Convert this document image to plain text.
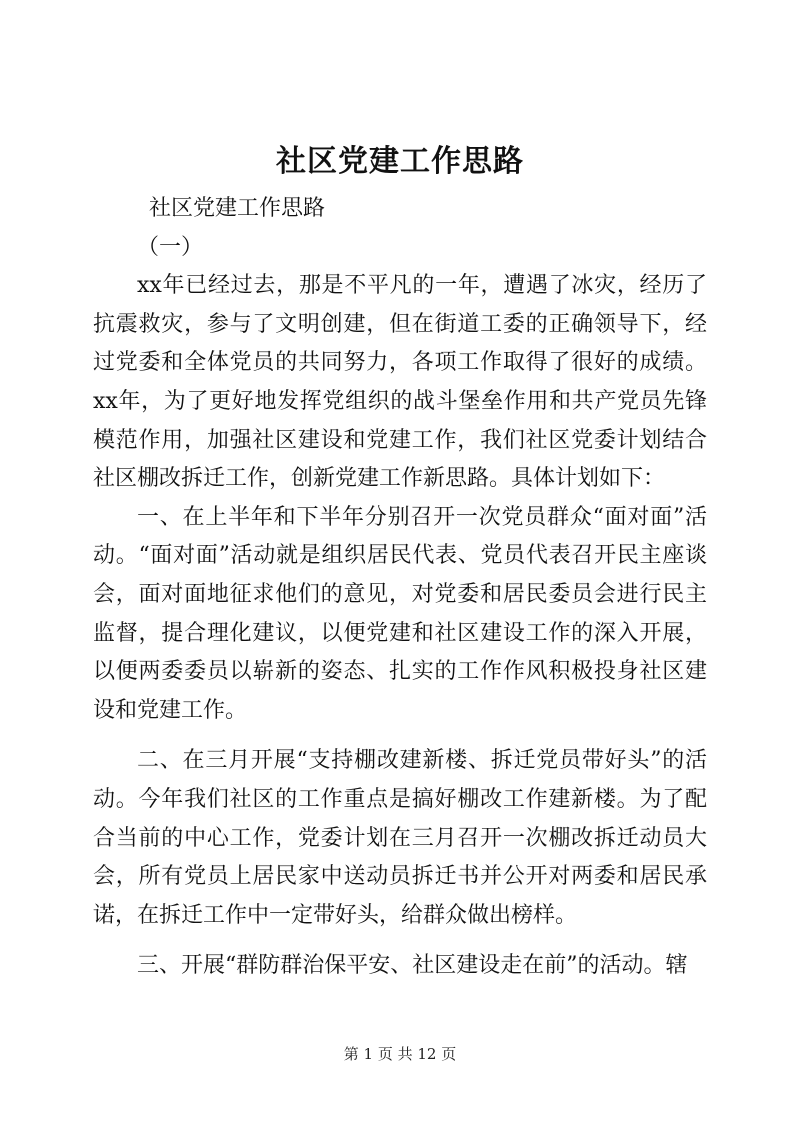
社区党建工作思路

社区党建工作思路

（一）

xx年已经过去，那是不平凡的一年，遭遇了冰灾，经历了抗震救灾，参与了文明创建，但在街道工委的正确领导下，经过党委和全体党员的共同努力，各项工作取得了很好的成绩。xx年，为了更好地发挥党组织的战斗堡垒作用和共产党员先锋模范作用，加强社区建设和党建工作，我们社区党委计划结合社区棚改拆迁工作，创新党建工作新思路。具体计划如下：

一、在上半年和下半年分别召开一次党员群众“面对面”活动。“面对面”活动就是组织居民代表、党员代表召开民主座谈会，面对面地征求他们的意见，对党委和居民委员会进行民主监督，提合理化建议，以便党建和社区建设工作的深入开展，以便两委委员以崭新的姿态、扎实的工作作风积极投身社区建设和党建工作。

二、在三月开展“支持棚改建新楼、拆迁党员带好头”的活动。今年我们社区的工作重点是搞好棚改工作建新楼。为了配合当前的中心工作，党委计划在三月召开一次棚改拆迁动员大会，所有党员上居民家中送动员拆迁书并公开对两委和居民承诺，在拆迁工作中一定带好头，给群众做出榜样。

三、开展“群防群治保平安、社区建设走在前”的活动。辖

第 1 页 共 12 页
